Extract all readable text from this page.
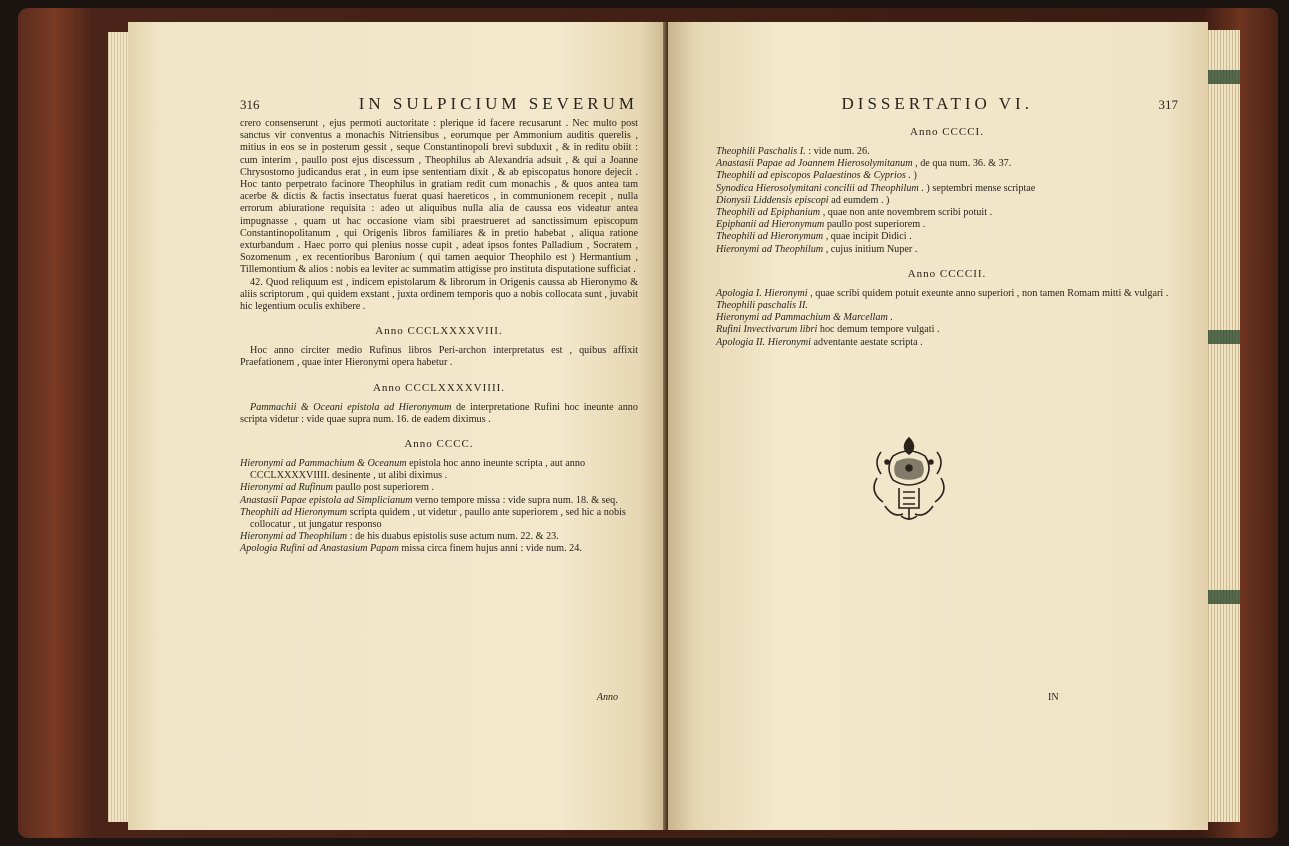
316	IN SULPICIUM SEVERUM

crero consenserunt , ejus permoti auctoritate : plerique id facere recusarunt . Nec multo post sanctus vir conventus a monachis Nitriensibus , eorumque per Ammonium auditis querelis , mitius in eos se in posterum gessit , seque Constantinopoli brevi subduxit , & in reditu obiit : cum interim , paullo post ejus discessum , Theophilus ab Alexandria adsuit , & qui a Joanne Chrysostomo judicandus erat , in eum ipse sententiam dixit , & ab episcopatus honore dejecit . Hoc tanto perpetrato facinore Theophilus in gratiam redit cum monachis , & quos antea tam acerbe & dictis & factis insectatus fuerat quasi haereticos , in communionem recepit , nulla errorum abiuratione requisita : adeo ut aliquibus nulla alia de caussa eos videatur antea impugnasse , quam ut hac occasione viam sibi praestrueret ad sanctissimum episcopum Constantinopolitanum , qui Origenis libros familiares & in pretio habebat , aliqua ratione exturbandum . Haec porro qui plenius nosse cupit , adeat ipsos fontes Palladium , Socratem , Sozomenum , ex recentioribus Baronium ( qui tamen aequior Theophilo est ) Hermantium , Tillemontium & alios : nobis ea leviter ac summatim attigisse pro instituta disputatione sufficiat .

42. Quod reliquum est , indicem epistolarum & librorum in Origenis caussa ab Hieronymo & aliis scriptorum , qui quidem exstant , juxta ordinem temporis quo a nobis collocata sunt , juvabit hic legentium oculis exhibere .

Anno CCCLXXXXVIII.

Hoc anno circiter medio Rufinus libros Peri-archon interpretatus est , quibus affixit Praefationem , quae inter Hieronymi opera habetur .

Anno CCCLXXXXVIIII.

Pammachii & Oceani epistola ad Hieronymum de interpretatione Rufini hoc ineunte anno scripta videtur : vide quae supra num. 16. de eadem diximus .

Anno CCCC.

Hieronymi ad Pammachium & Oceanum epistola hoc anno ineunte scripta , aut anno CCCLXXXXVIIII. desinente , ut alibi diximus .

Hieronymi ad Rufinum paullo post superiorem .

Anastasii Papae epistola ad Simplicianum verno tempore missa : vide supra num. 18. & seq.

Theophili ad Hieronymum scripta quidem , ut videtur , paullo ante superiorem , sed hic a nobis collocatur , ut jungatur responso

Hieronymi ad Theophilum : de his duabus epistolis suse actum num. 22. & 23.

Apologia Rufini ad Anastasium Papam missa circa finem hujus anni : vide num. 24.

Anno
DISSERTATIO VI.	317
Anno CCCCI.

Theophili Paschalis I. : vide num. 26.

Anastasii Papae ad Joannem Hierosolymitanum , de qua num. 36. & 37.

Theophili ad episcopos Palaestinos & Cyprios . )

Synodica Hierosolymitani concilii ad Theophilum . ) septembri mense scriptae

Dionysii Liddensis episcopi ad eumdem . )

Theophili ad Epiphanium , quae non ante novembrem scribi potuit .

Epiphanii ad Hieronymum paullo post superiorem .

Theophili ad Hieronymum , quae incipit Didici .

Hieronymi ad Theophilum , cujus initium Nuper .

Anno CCCCII.

Apologia I. Hieronymi , quae scribi quidem potuit exeunte anno superiori , non tamen Romam mitti & vulgari .

Theophili paschalis II.

Hieronymi ad Pammachium & Marcellam .

Rufini Invectivarum libri hoc demum tempore vulgati .

Apologia II. Hieronymi adventante aestate scripta .

IN
